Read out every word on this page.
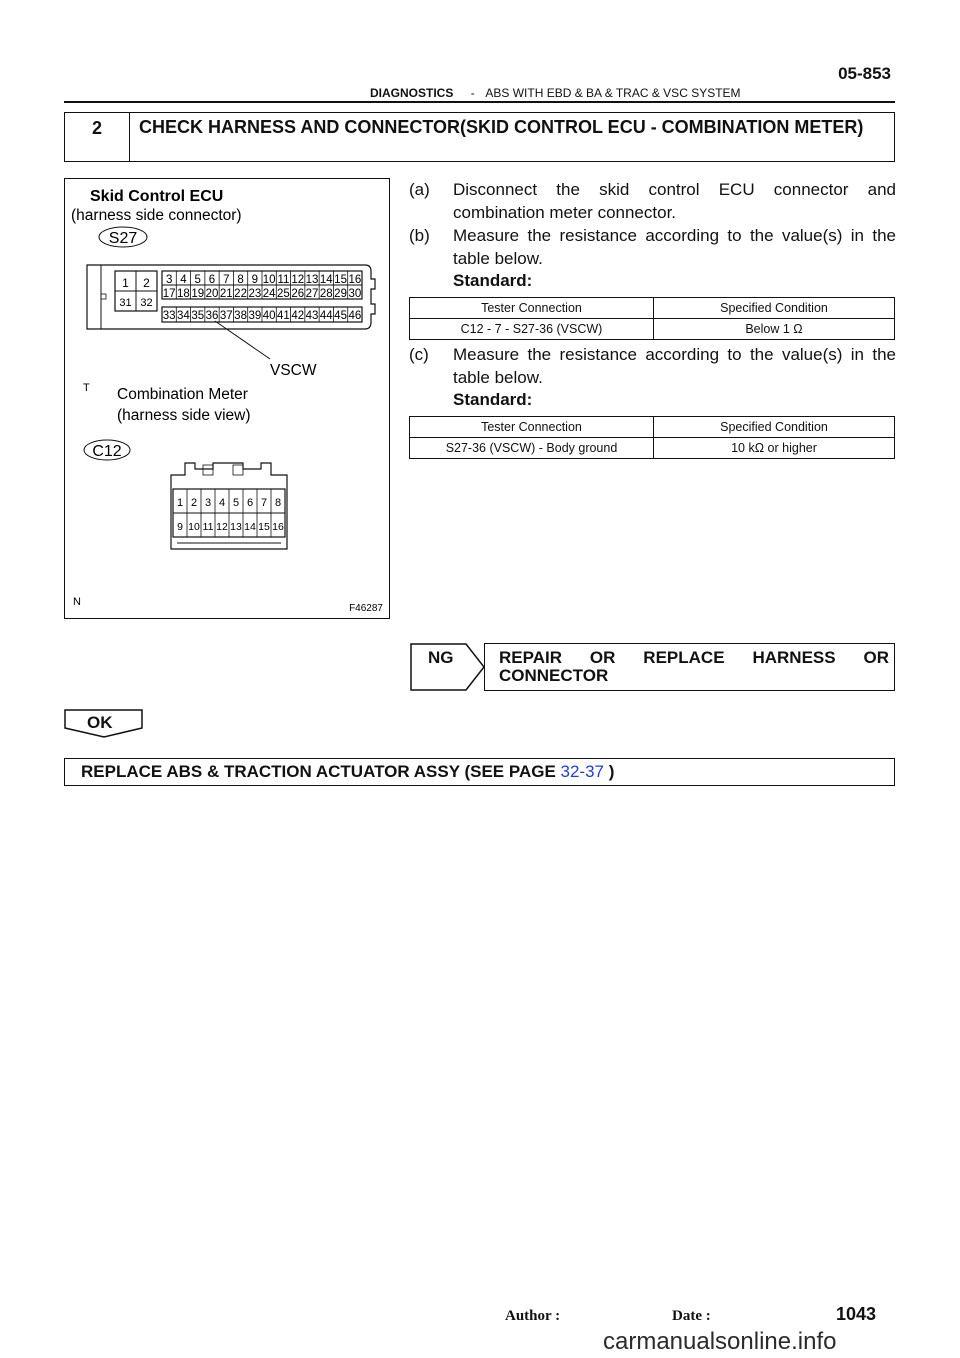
05-853
DIAGNOSTICS - ABS WITH EBD & BA & TRAC & VSC SYSTEM
2	CHECK HARNESS AND CONNECTOR(SKID CONTROL ECU - COMBINATION METER)
Skid Control ECU
(harness side connector)
S27
3 4 5 6 7 8 9 10 11 12 13 14 15 16
17 18 19 20 21 22 23 24 25 26 27 28 29 30
33 34 35 36 37 38 39 40 41 42 43 44 45 46
1 2
31 32
VSCW
T Combination Meter
(harness side view)
C12
1 2 3 4 5 6 7 8
9 10 11 12 13 14 15 16
N
F46287
(a) Disconnect the skid control ECU connector and combination meter connector.
(b) Measure the resistance according to the value(s) in the table below.
Standard:
Tester Connection	Specified Condition
C12 - 7 - S27-36 (VSCW)	Below 1 Ω
(c) Measure the resistance according to the value(s) in the table below.
Standard:
Tester Connection	Specified Condition
S27-36 (VSCW) - Body ground	10 kΩ or higher
NG	REPAIR OR REPLACE HARNESS OR CONNECTOR
OK
REPLACE ABS & TRACTION ACTUATOR ASSY (SEE PAGE 32-37 )
Author :	Date :	1043
carmanualsonline.info
